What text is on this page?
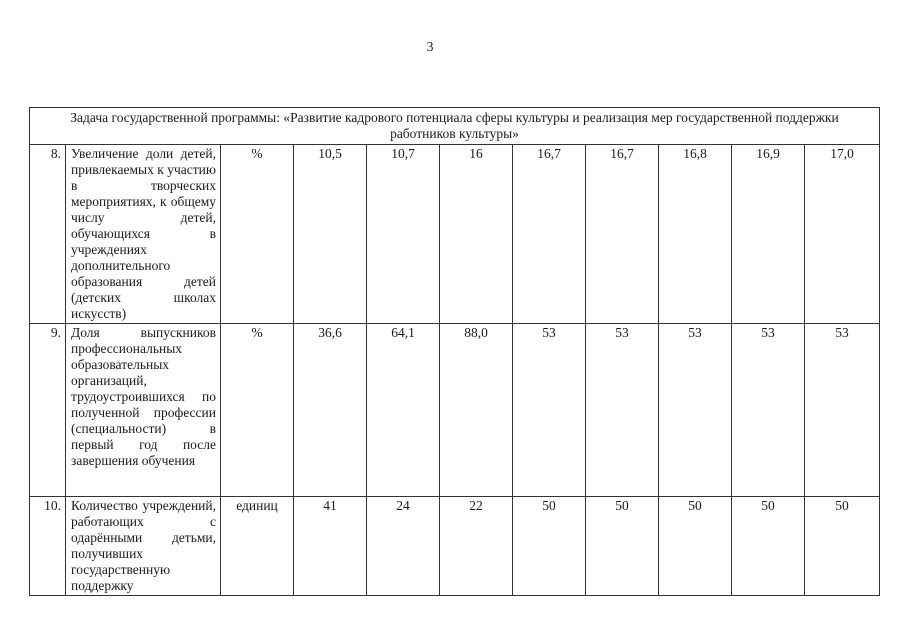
3
Задача государственной программы: «Развитие кадрового потенциала сферы культуры и реализация мер государственной поддержки работников культуры»										
8.	Увеличение доли детей, привлекаемых к участию в творческих мероприятиях, к общему числу детей, обучающихся в учреждениях дополнительного образования детей (детских школах искусств)	%	10,5	10,7	16	16,7	16,7	16,8	16,9	17,0
9.	Доля выпускников профессиональных образовательных организаций, трудоустроившихся по полученной профессии (специальности) в первый год после завершения обучения	%	36,6	64,1	88,0	53	53	53	53	53
10.	Количество учреждений, работающих с одарёнными детьми, получивших государственную поддержку	единиц	41	24	22	50	50	50	50	50
